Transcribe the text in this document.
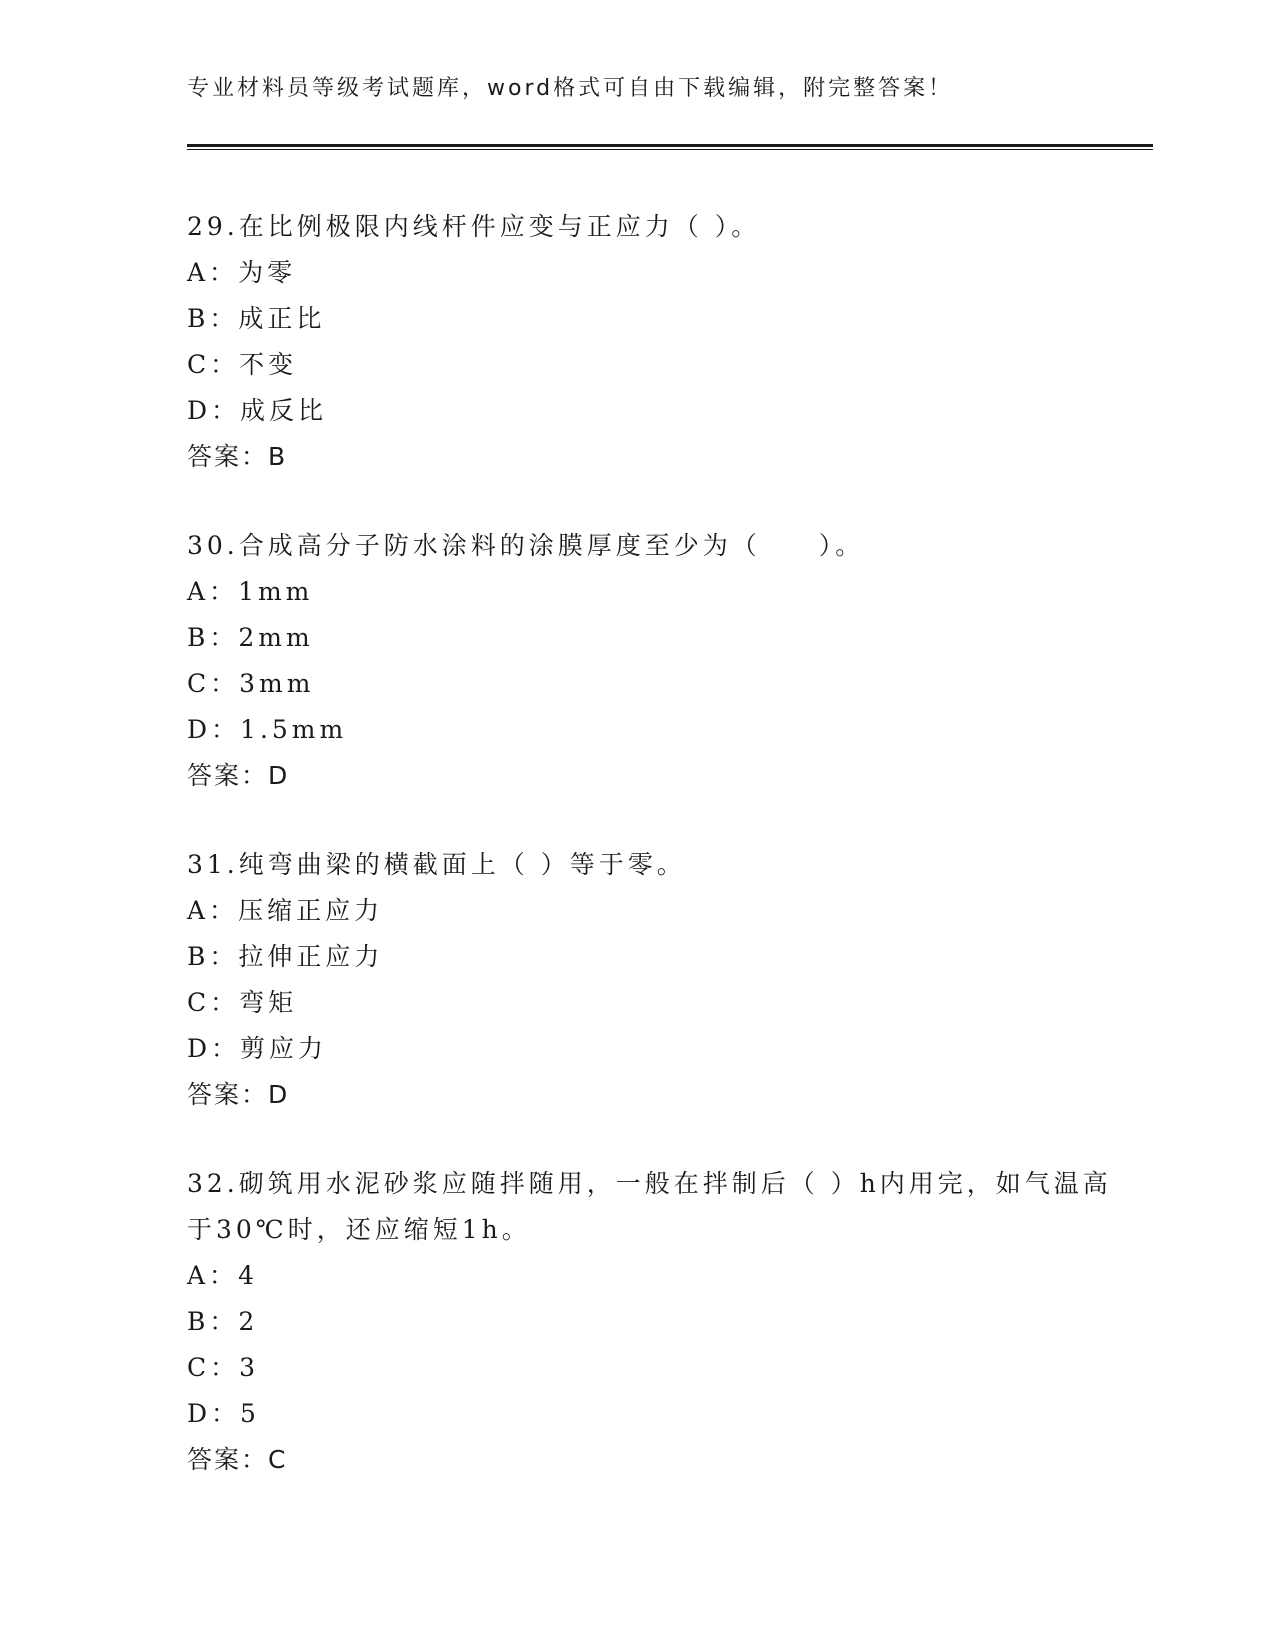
专业材料员等级考试题库，word格式可自由下载编辑，附完整答案！
29.在比例极限内线杆件应变与正应力（ ）。
A：为零
B：成正比
C：不变
D：成反比
答案：B
30.合成高分子防水涂料的涂膜厚度至少为（　　）。
A：1mm
B：2mm
C：3mm
D：1.5mm
答案：D
31.纯弯曲梁的横截面上（ ）等于零。
A：压缩正应力
B：拉伸正应力
C：弯矩
D：剪应力
答案：D
32.砌筑用水泥砂浆应随拌随用，一般在拌制后（ ）h内用完，如气温高于30℃时，还应缩短1h。
A：4
B：2
C：3
D：5
答案：C
